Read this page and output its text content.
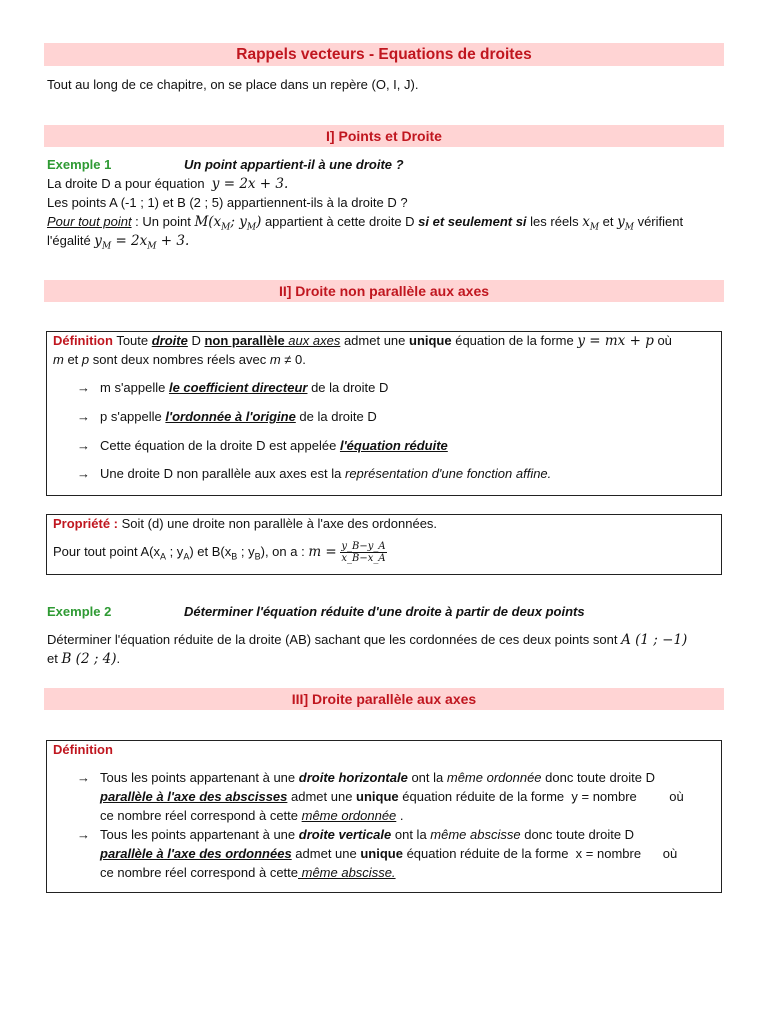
Rappels vecteurs - Equations de droites
Tout au long de ce chapitre, on se place dans un repère (O, I, J).
I] Points et Droite
Exemple 1	Un point appartient-il à une droite ?
La droite D a pour équation y = 2x + 3.
Les points A (-1 ; 1) et B (2 ; 5) appartiennent-ils à la droite D ?
Pour tout point : Un point $M(x_M$; $y_M$) appartient à cette droite D si et seulement si les réels $x_M$ et $y_M$ vérifient
l'égalité $y_M = 2x_M + 3$.
II] Droite non parallèle aux axes
Définition Toute droite D non parallèle aux axes admet une unique équation de la forme y = mx + p où
m et p sont deux nombres réels avec m ≠ 0.
→ m s'appelle le coefficient directeur de la droite D
→ p s'appelle l'ordonnée à l'origine de la droite D
→ Cette équation de la droite D est appelée l'équation réduite
→ Une droite D non parallèle aux axes est la représentation d'une fonction affine.
Propriété : Soit (d) une droite non parallèle à l'axe des ordonnées.
Pour tout point $A(x_A$ ; $y_A$) et $B(x_B$ ; $y_B$), on a : $m = \frac{y\_B-y\_A}{x\_B-x\_A}$
Exemple 2	Déterminer l'équation réduite d'une droite à partir de deux points
Déterminer l'équation réduite de la droite (AB) sachant que les cordonnées de ces deux points sont A (1 ; −1)
et B (2 ; 4).
III] Droite parallèle aux axes
Définition
→ Tous les points appartenant à une droite horizontale ont la même ordonnée donc toute droite D
parallèle à l'axe des abscisses admet une unique équation réduite de la forme  y = nombre         où
ce nombre réel correspond à cette même ordonnée .
→ Tous les points appartenant à une droite verticale ont la même abscisse donc toute droite D
parallèle à l'axe des ordonnées admet une unique équation réduite de la forme  x = nombre      où
ce nombre réel correspond à cette même abscisse.
